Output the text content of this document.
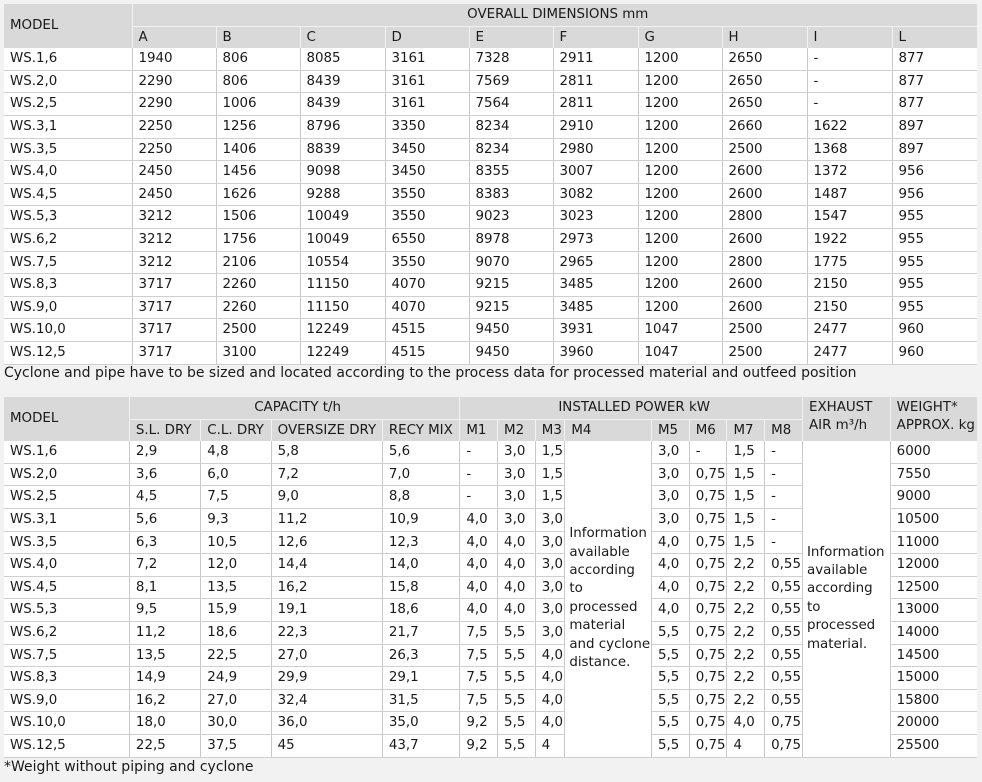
MODEL	OVERALL DIMENSIONS mm									
	A	B	C	D	E	F	G	H	I	L
WS.1,6	1940	806	8085	3161	7328	2911	1200	2650	-	877
WS.2,0	2290	806	8439	3161	7569	2811	1200	2650	-	877
WS.2,5	2290	1006	8439	3161	7564	2811	1200	2650	-	877
WS.3,1	2250	1256	8796	3350	8234	2910	1200	2660	1622	897
WS.3,5	2250	1406	8839	3450	8234	2980	1200	2500	1368	897
WS.4,0	2450	1456	9098	3450	8355	3007	1200	2600	1372	956
WS.4,5	2450	1626	9288	3550	8383	3082	1200	2600	1487	956
WS.5,3	3212	1506	10049	3550	9023	3023	1200	2800	1547	955
WS.6,2	3212	1756	10049	6550	8978	2973	1200	2600	1922	955
WS.7,5	3212	2106	10554	3550	9070	2965	1200	2800	1775	955
WS.8,3	3717	2260	11150	4070	9215	3485	1200	2600	2150	955
WS.9,0	3717	2260	11150	4070	9215	3485	1200	2600	2150	955
WS.10,0	3717	2500	12249	4515	9450	3931	1047	2500	2477	960
WS.12,5	3717	3100	12249	4515	9450	3960	1047	2500	2477	960
Cyclone and pipe have to be sized and located according to the process data for processed material and outfeed position
MODEL	CAPACITY t/h				INSTALLED POWER kW								EXHAUST AIR m³/h	WEIGHT* APPROX. kg
	S.L. DRY	C.L. DRY	OVERSIZE DRY	RECY MIX	M1	M2	M3	M4	M5	M6	M7	M8		
WS.1,6	2,9	4,8	5,8	5,6	-	3,0	1,5	Information available according to processed material and cyclone distance.	3,0	-	1,5	-	Information available according to processed material.	6000
WS.2,0	3,6	6,0	7,2	7,0	-	3,0	1,5		3,0	0,75	1,5	-		7550
WS.2,5	4,5	7,5	9,0	8,8	-	3,0	1,5		3,0	0,75	1,5	-		9000
WS.3,1	5,6	9,3	11,2	10,9	4,0	3,0	3,0		3,0	0,75	1,5	-		10500
WS.3,5	6,3	10,5	12,6	12,3	4,0	4,0	3,0		4,0	0,75	1,5	-		11000
WS.4,0	7,2	12,0	14,4	14,0	4,0	4,0	3,0		4,0	0,75	2,2	0,55		12000
WS.4,5	8,1	13,5	16,2	15,8	4,0	4,0	3,0		4,0	0,75	2,2	0,55		12500
WS.5,3	9,5	15,9	19,1	18,6	4,0	4,0	3,0		4,0	0,75	2,2	0,55		13000
WS.6,2	11,2	18,6	22,3	21,7	7,5	5,5	3,0		5,5	0,75	2,2	0,55		14000
WS.7,5	13,5	22,5	27,0	26,3	7,5	5,5	4,0		5,5	0,75	2,2	0,55		14500
WS.8,3	14,9	24,9	29,9	29,1	7,5	5,5	4,0		5,5	0,75	2,2	0,55		15000
WS.9,0	16,2	27,0	32,4	31,5	7,5	5,5	4,0		5,5	0,75	2,2	0,55		15800
WS.10,0	18,0	30,0	36,0	35,0	9,2	5,5	4,0		5,5	0,75	4,0	0,75		20000
WS.12,5	22,5	37,5	45	43,7	9,2	5,5	4		5,5	0,75	4	0,75		25500
*Weight without piping and cyclone
